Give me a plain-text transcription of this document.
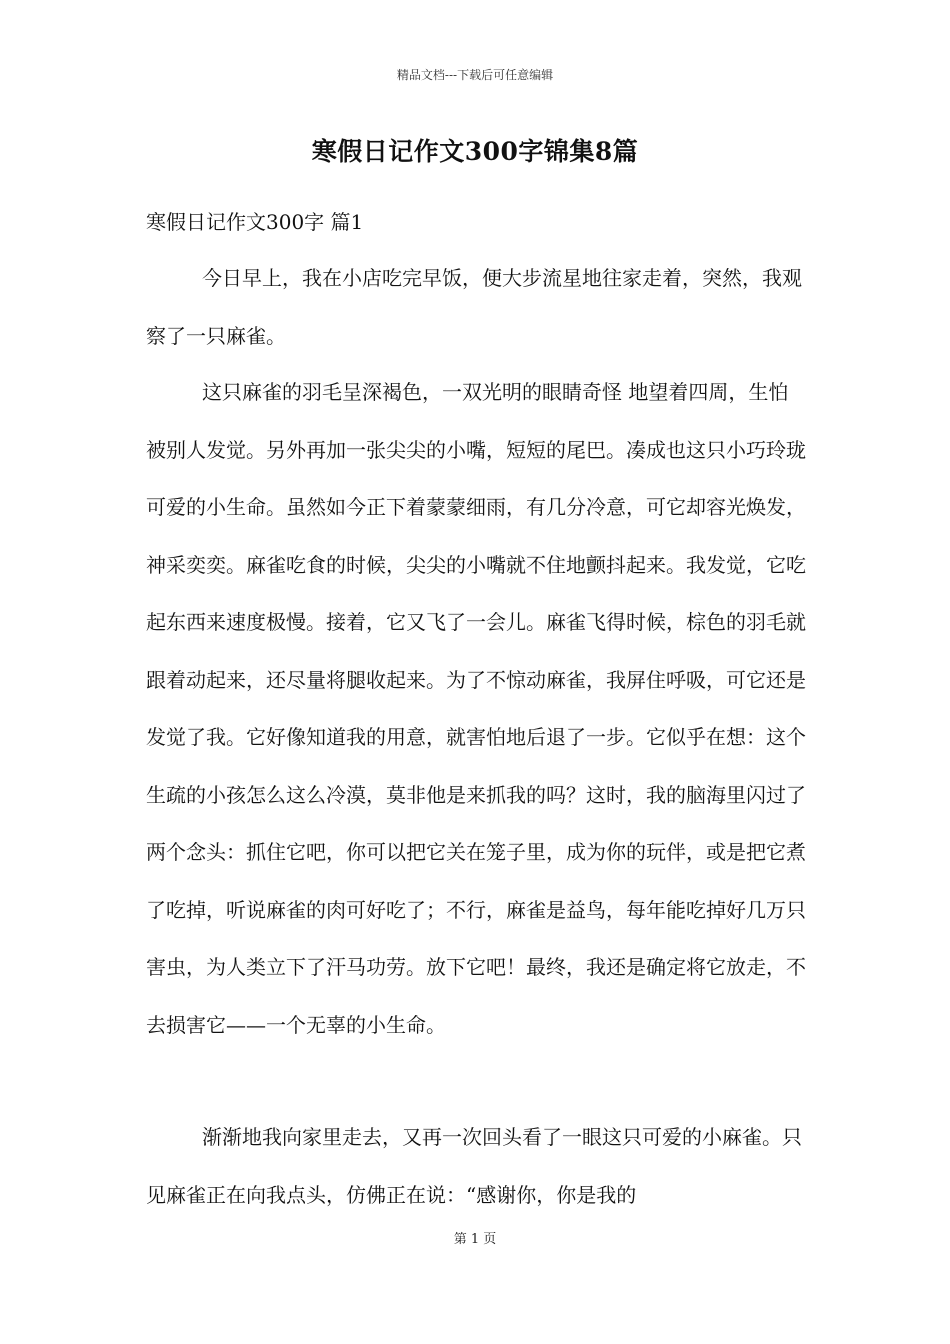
精品文档---下载后可任意编辑
寒假日记作文300字锦集8篇
寒假日记作文300字 篇1

今日早上，我在小店吃完早饭，便大步流星地往家走着，突然，我观察了一只麻雀。

这只麻雀的羽毛呈深褐色，一双光明的眼睛奇怪 地望着四周，生怕被别人发觉。另外再加一张尖尖的小嘴，短短的尾巴。凑成也这只小巧玲珑可爱的小生命。虽然如今正下着蒙蒙细雨，有几分冷意，可它却容光焕发，神采奕奕。麻雀吃食的时候，尖尖的小嘴就不住地颤抖起来。我发觉，它吃起东西来速度极慢。接着，它又飞了一会儿。麻雀飞得时候，棕色的羽毛就跟着动起来，还尽量将腿收起来。为了不惊动麻雀，我屏住呼吸，可它还是发觉了我。它好像知道我的用意，就害怕地后退了一步。它似乎在想：这个生疏的小孩怎么这么冷漠，莫非他是来抓我的吗？这时，我的脑海里闪过了两个念头：抓住它吧，你可以把它关在笼子里，成为你的玩伴，或是把它煮了吃掉，听说麻雀的肉可好吃了；不行，麻雀是益鸟，每年能吃掉好几万只害虫，为人类立下了汗马功劳。放下它吧！最终，我还是确定将它放走，不去损害它——一个无辜的小生命。

渐渐地我向家里走去，又再一次回头看了一眼这只可爱的小麻雀。只见麻雀正在向我点头，仿佛正在说：“感谢你，你是我的

第 1 页
